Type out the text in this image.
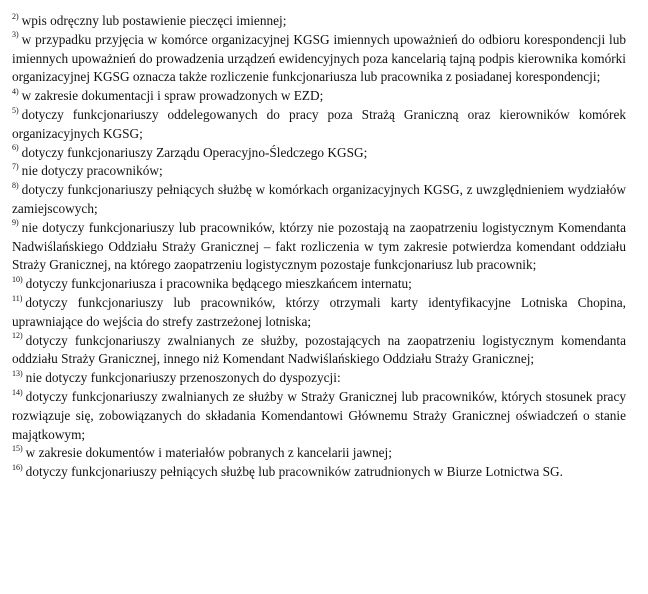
$^{2)}$ wpis odręczny lub postawienie pieczęci imiennej;

$^{3)}$ w przypadku przyjęcia w komórce organizacyjnej KGSG imiennych upoważnień do odbioru korespondencji lub imiennych upoważnień do prowadzenia urządzeń ewidencyjnych poza kancelarią tajną podpis kierownika komórki organizacyjnej KGSG oznacza także rozliczenie funkcjonariusza lub pracownika z posiadanej korespondencji;

$^{4)}$ w zakresie dokumentacji i spraw prowadzonych w EZD;

$^{5)}$ dotyczy funkcjonariuszy oddelegowanych do pracy poza Strażą Graniczną oraz kierowników komórek organizacyjnych KGSG;

$^{6)}$ dotyczy funkcjonariuszy Zarządu Operacyjno-Śledczego KGSG;

$^{7)}$ nie dotyczy pracowników;

$^{8)}$ dotyczy funkcjonariuszy pełniących służbę w komórkach organizacyjnych KGSG, z uwzględnieniem wydziałów zamiejscowych;

$^{9)}$ nie dotyczy funkcjonariuszy lub pracowników, którzy nie pozostają na zaopatrzeniu logistycznym Komendanta Nadwiślańskiego Oddziału Straży Granicznej – fakt rozliczenia w tym zakresie potwierdza komendant oddziału Straży Granicznej, na którego zaopatrzeniu logistycznym pozostaje funkcjonariusz lub pracownik;

$^{10)}$ dotyczy funkcjonariusza i pracownika będącego mieszkańcem internatu;

$^{11)}$ dotyczy funkcjonariuszy lub pracowników, którzy otrzymali karty identyfikacyjne Lotniska Chopina, uprawniające do wejścia do strefy zastrzeżonej lotniska;

$^{12)}$ dotyczy funkcjonariuszy zwalnianych ze służby, pozostających na zaopatrzeniu logistycznym komendanta oddziału Straży Granicznej, innego niż Komendant Nadwiślańskiego Oddziału Straży Granicznej;

$^{13)}$ nie dotyczy funkcjonariuszy przenoszonych do dyspozycji:

$^{14)}$ dotyczy funkcjonariuszy zwalnianych ze służby w Straży Granicznej lub pracowników, których stosunek pracy rozwiązuje się, zobowiązanych do składania Komendantowi Głównemu Straży Granicznej oświadczeń o stanie majątkowym;

$^{15)}$ w zakresie dokumentów i materiałów pobranych z kancelarii jawnej;

$^{16)}$ dotyczy funkcjonariuszy pełniących służbę lub pracowników zatrudnionych w Biurze Lotnictwa SG.
